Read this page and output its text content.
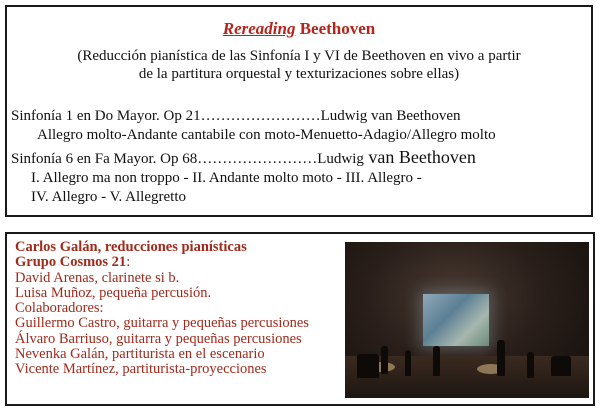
Rereading Beethoven
(Reducción pianística de las Sinfonía I y VI de Beethoven en vivo a partir
de la partitura orquestal y texturizaciones sobre ellas)
Sinfonía 1 en Do Mayor. Op 21……………………Ludwig van Beethoven
Allegro molto-Andante cantabile con moto-Menuetto-Adagio/Allegro molto
Sinfonía 6 en Fa Mayor. Op 68……………………Ludwig van Beethoven
I. Allegro ma non troppo - II. Andante molto moto - III. Allegro -
IV. Allegro - V. Allegretto
Carlos Galán, reducciones pianísticas
Grupo Cosmos 21:
David Arenas, clarinete si b.
Luisa Muñoz, pequeña percusión.
Colaboradores:
Guillermo Castro, guitarra y pequeñas percusiones
Álvaro Barriuso, guitarra y pequeñas percusiones
Nevenka Galán, partiturista en el escenario
Vicente Martínez, partiturista-proyecciones
